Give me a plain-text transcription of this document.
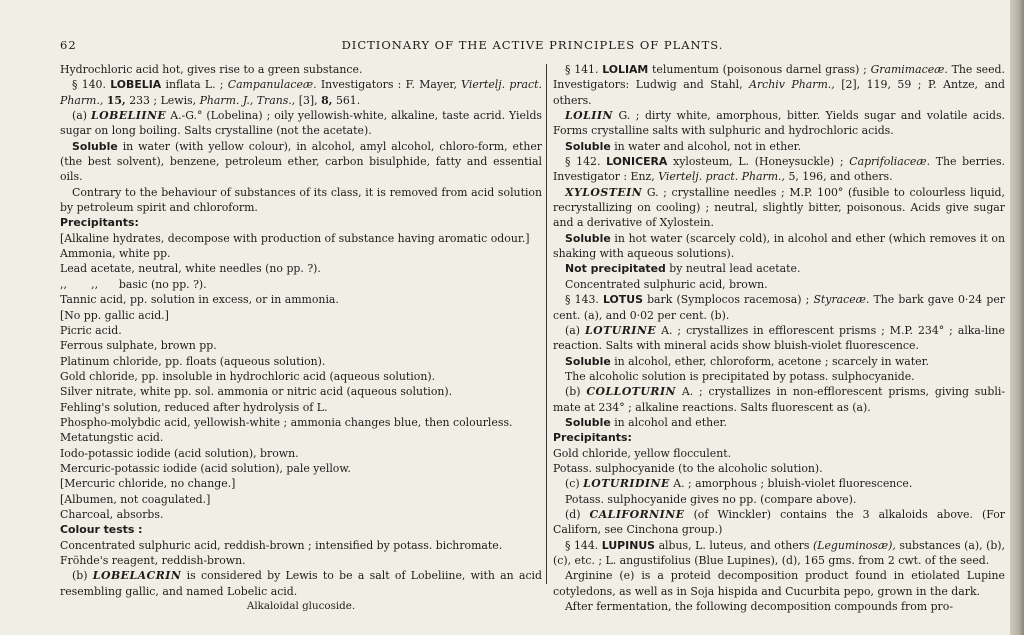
62	DICTIONARY OF THE ACTIVE PRINCIPLES OF PLANTS.

Hydrochloric acid hot, gives rise to a green substance.

§ 140. LOBELIA inflata L. ; Campanulaceæ. Investigators : F. Mayer, Viertelj. pract. Pharm., 15, 233 ; Lewis, Pharm. J., Trans., [3], 8, 561.

(a) LOBELIINE A.-G.° (Lobelina) ; oily yellowish-white, alkaline, taste acrid. Yields sugar on long boiling. Salts crystalline (not the acetate).

Soluble in water (with yellow colour), in alcohol, amyl alcohol, chloro-form, ether (the best solvent), benzene, petroleum ether, carbon bisulphide, fatty and essential oils.

Contrary to the behaviour of substances of its class, it is removed from acid solution by petroleum spirit and chloroform.

Precipitants:

[Alkaline hydrates, decompose with production of substance having aromatic odour.]

Ammonia, white pp.

Lead acetate, neutral, white needles (no pp. ?).

,,       ,,      basic (no pp. ?).

Tannic acid, pp. solution in excess, or in ammonia.

[No pp. gallic acid.]

Picric acid.

Ferrous sulphate, brown pp.

Platinum chloride, pp. floats (aqueous solution).

Gold chloride, pp. insoluble in hydrochloric acid (aqueous solution).

Silver nitrate, white pp. sol. ammonia or nitric acid (aqueous solution).

Fehling's solution, reduced after hydrolysis of L.

Phospho-molybdic acid, yellowish-white ; ammonia changes blue, then colourless.

Metatungstic acid.

Iodo-potassic iodide (acid solution), brown.

Mercuric-potassic iodide (acid solution), pale yellow.

[Mercuric chloride, no change.]

[Albumen, not coagulated.]

Charcoal, absorbs.

Colour tests :

Concentrated sulphuric acid, reddish-brown ; intensified by potass. bichromate.

Fröhde's reagent, reddish-brown.

(b) LOBELACRIN is considered by Lewis to be a salt of Lobeliine, with an acid resembling gallic, and named Lobelic acid.

Alkaloidal glucoside.

§ 141. LOLIAM telumentum (poisonous darnel grass) ; Gramimaceæ. The seed. Investigators: Ludwig and Stahl, Archiv Pharm., [2], 119, 59 ; P. Antze, and others.

LOLIIN G. ; dirty white, amorphous, bitter. Yields sugar and volatile acids. Forms crystalline salts with sulphuric and hydrochloric acids.

Soluble in water and alcohol, not in ether.

§ 142. LONICERA xylosteum, L. (Honeysuckle) ; Caprifoliaceæ. The berries. Investigator : Enz, Viertelj. pract. Pharm., 5, 196, and others.

XYLOSTEIN G. ; crystalline needles ; M.P. 100° (fusible to colourless liquid, recrystallizing on cooling) ; neutral, slightly bitter, poisonous. Acids give sugar and a derivative of Xylostein.

Soluble in hot water (scarcely cold), in alcohol and ether (which removes it on shaking with aqueous solutions).

Not precipitated by neutral lead acetate.

Concentrated sulphuric acid, brown.

§ 143. LOTUS bark (Symplocos racemosa) ; Styraceæ. The bark gave 0·24 per cent. (a), and 0·02 per cent. (b).

(a) LOTURINE A. ; crystallizes in efflorescent prisms ; M.P. 234° ; alka-line reaction. Salts with mineral acids show bluish-violet fluorescence.

Soluble in alcohol, ether, chloroform, acetone ; scarcely in water.

The alcoholic solution is precipitated by potass. sulphocyanide.

(b) COLLOTURIN A. ; crystallizes in non-efflorescent prisms, giving subli-mate at 234° ; alkaline reactions. Salts fluorescent as (a).

Soluble in alcohol and ether.

Precipitants:

Gold chloride, yellow flocculent.

Potass. sulphocyanide (to the alcoholic solution).

(c) LOTURIDINE A. ; amorphous ; bluish-violet fluorescence.

Potass. sulphocyanide gives no pp. (compare above).

(d) CALIFORNINE (of Winckler) contains the 3 alkaloids above. (For Californ, see Cinchona group.)

§ 144. LUPINUS albus, L. luteus, and others (Leguminosæ), substances (a), (b), (c), etc. ; L. angustifolius (Blue Lupines), (d), 165 gms. from 2 cwt. of the seed.

Arginine (e) is a proteid decomposition product found in etiolated Lupine cotyledons, as well as in Soja hispida and Cucurbita pepo, grown in the dark.

After fermentation, the following decomposition compounds from pro-
